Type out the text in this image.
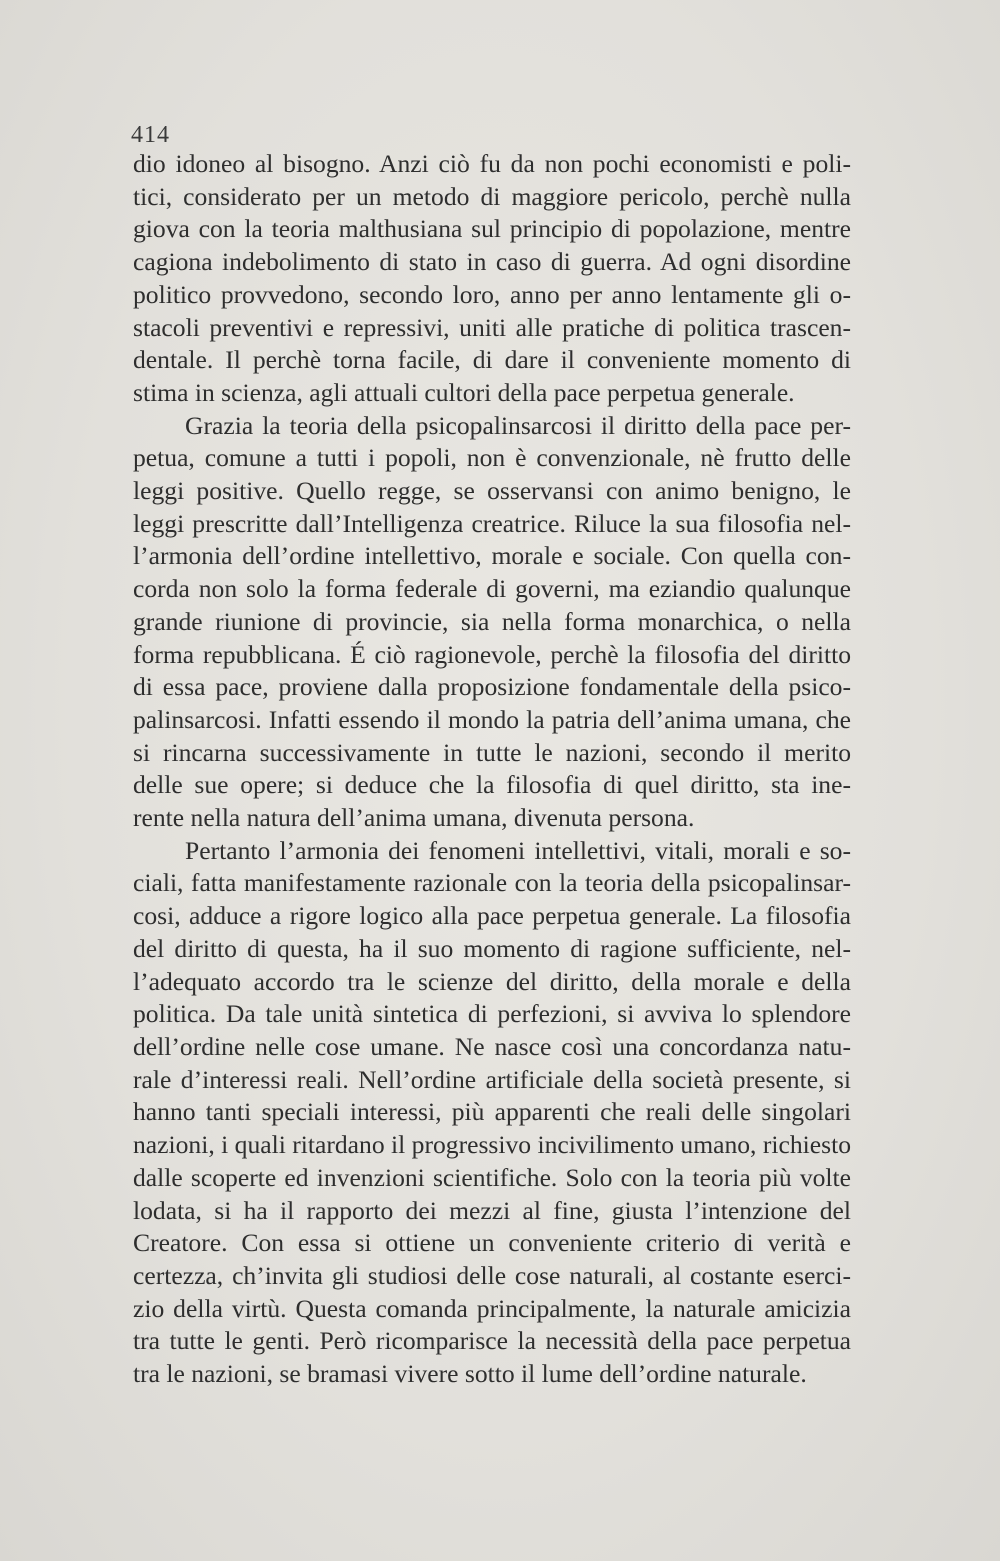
414
dio idoneo al bisogno. Anzi ciò fu da non pochi economisti e poli-
tici, considerato per un metodo di maggiore pericolo, perchè nulla
giova con la teoria malthusiana sul principio di popolazione, mentre
cagiona indebolimento di stato in caso di guerra. Ad ogni disordine
politico provvedono, secondo loro, anno per anno lentamente gli o-
stacoli preventivi e repressivi, uniti alle pratiche di politica trascen-
dentale. Il perchè torna facile, di dare il conveniente momento di
stima in scienza, agli attuali cultori della pace perpetua generale.
Grazia la teoria della psicopalinsarcosi il diritto della pace per-
petua, comune a tutti i popoli, non è convenzionale, nè frutto delle
leggi positive. Quello regge, se osservansi con animo benigno, le
leggi prescritte dall’Intelligenza creatrice. Riluce la sua filosofia nel-
l’armonia dell’ordine intellettivo, morale e sociale. Con quella con-
corda non solo la forma federale di governi, ma eziandio qualunque
grande riunione di provincie, sia nella forma monarchica, o nella
forma repubblicana. É ciò ragionevole, perchè la filosofia del diritto
di essa pace, proviene dalla proposizione fondamentale della psico-
palinsarcosi. Infatti essendo il mondo la patria dell’anima umana, che
si rincarna successivamente in tutte le nazioni, secondo il merito
delle sue opere; si deduce che la filosofia di quel diritto, sta ine-
rente nella natura dell’anima umana, divenuta persona.
Pertanto l’armonia dei fenomeni intellettivi, vitali, morali e so-
ciali, fatta manifestamente razionale con la teoria della psicopalinsar-
cosi, adduce a rigore logico alla pace perpetua generale. La filosofia
del diritto di questa, ha il suo momento di ragione sufficiente, nel-
l’adequato accordo tra le scienze del diritto, della morale e della
politica. Da tale unità sintetica di perfezioni, si avviva lo splendore
dell’ordine nelle cose umane. Ne nasce così una concordanza natu-
rale d’interessi reali. Nell’ordine artificiale della società presente, si
hanno tanti speciali interessi, più apparenti che reali delle singolari
nazioni, i quali ritardano il progressivo incivilimento umano, richiesto
dalle scoperte ed invenzioni scientifiche. Solo con la teoria più volte
lodata, si ha il rapporto dei mezzi al fine, giusta l’intenzione del
Creatore. Con essa si ottiene un conveniente criterio di verità e
certezza, ch’invita gli studiosi delle cose naturali, al costante eserci-
zio della virtù. Questa comanda principalmente, la naturale amicizia
tra tutte le genti. Però ricomparisce la necessità della pace perpetua
tra le nazioni, se bramasi vivere sotto il lume dell’ordine naturale.
